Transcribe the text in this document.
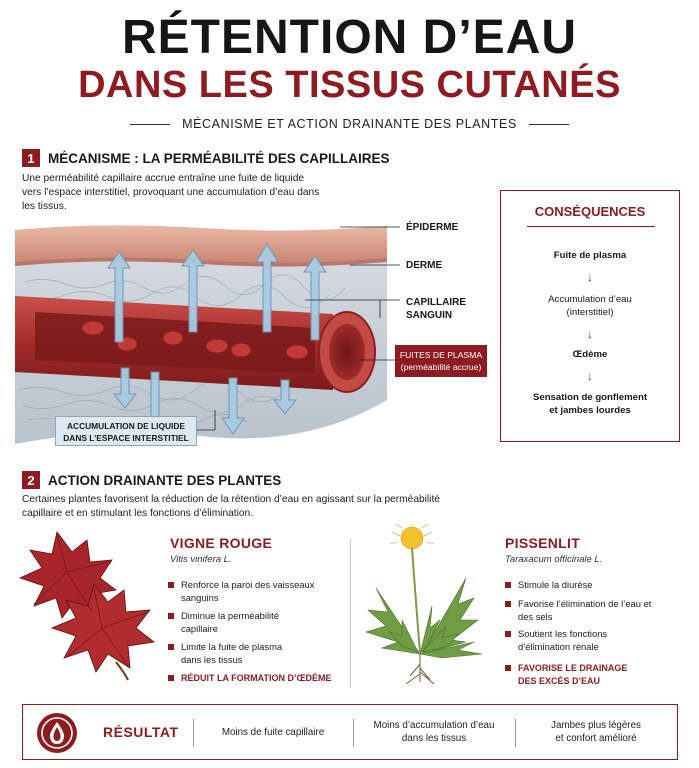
RÉTENTION D’EAU
DANS LES TISSUS CUTANÉS
MÉCANISME ET ACTION DRAINANTE DES PLANTES
1 MÉCANISME : LA PERMÉABILITÉ DES CAPILLAIRES
Une perméabilité capillaire accrue entraîne une fuite de liquide vers l’espace interstitiel, provoquant une accumulation d’eau dans les tissus.
ÉPIDERME
DERME
CAPILLAIRE
SANGUIN
FUITES DE PLASMA
(perméabilité accrue)
ACCUMULATION DE LIQUIDE
DANS L’ESPACE INTERSTITIEL
CONSÉQUENCES
Fuite de plasma
↓
Accumulation d’eau
(interstitiel)
↓
Œdème
↓
Sensation de gonflement
et jambes lourdes
2 ACTION DRAINANTE DES PLANTES
Certaines plantes favorisent la réduction de la rétention d’eau en agissant sur la perméabilité capillaire et en stimulant les fonctions d’élimination.
VIGNE ROUGE
Vitis vinifera L.
Renforce la paroi des vaisseaux sanguins
Diminue la perméabilité capillaire
Limite la fuite de plasma dans les tissus
RÉDUIT LA FORMATION D’ŒDÈME
PISSENLIT
Taraxacum officinale L.
Stimule la diurèse
Favorise l’élimination de l’eau et des sels
Soutient les fonctions d’élimination rénale
FAVORISE LE DRAINAGE
DES EXCÈS D’EAU
RÉSULTAT	Moins de fuite capillaire
Moins d’accumulation d’eau
dans les tissus
Jambes plus légères
et confort amélioré
